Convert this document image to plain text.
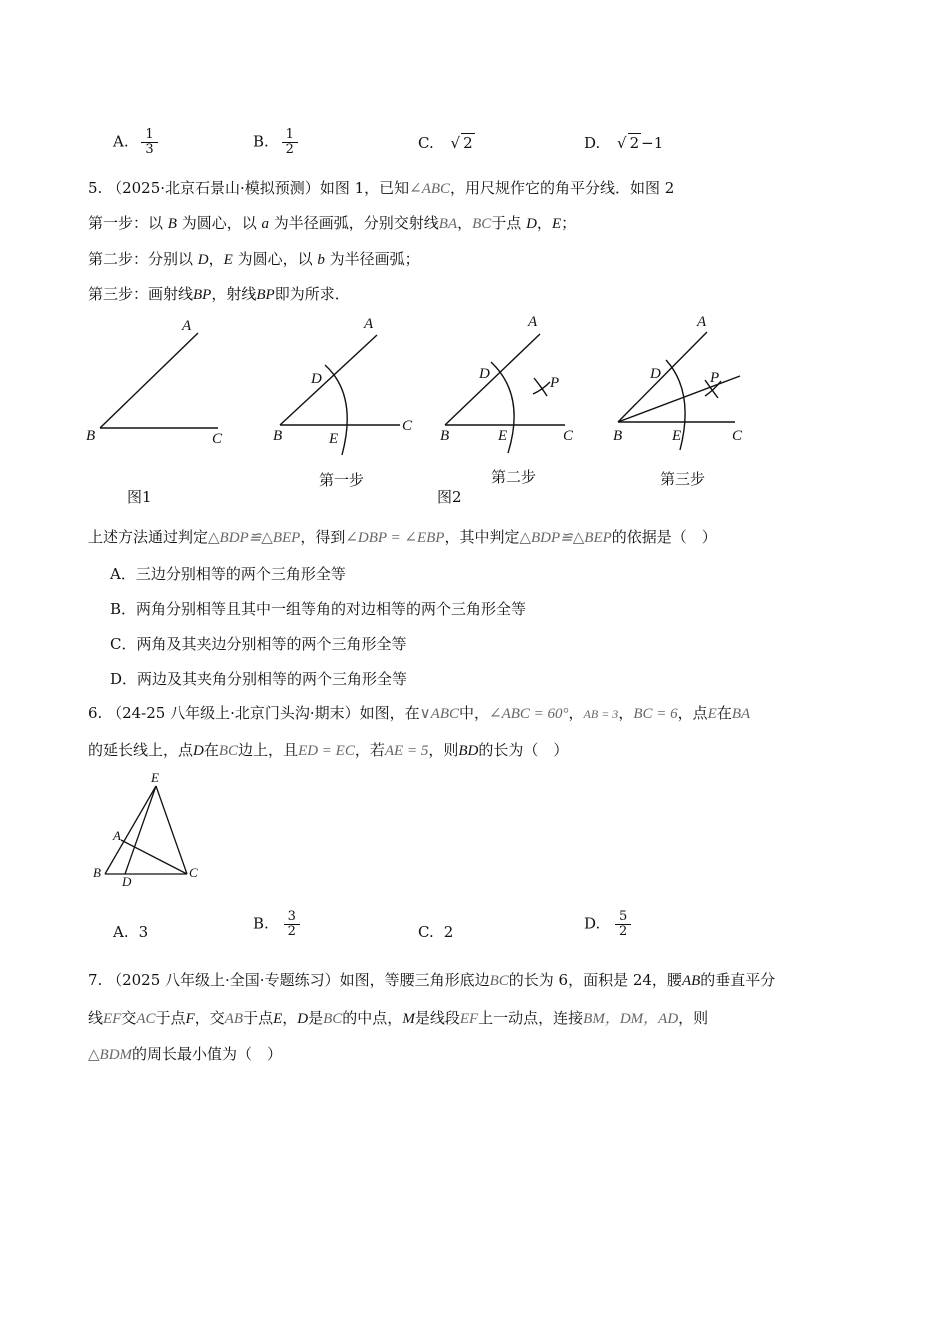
A. $\frac{1}{3}$	B. $\frac{1}{2}$	C. √ 2	D. √ 2 −1
5. （2025·北京石景山·模拟预测）如图 1，已知∠ABC，用尺规作它的角平分线．如图 2
第一步：以 B 为圆心，以 a 为半径画弧，分别交射线BA，BC于点 D，E；
第二步：分别以 D，E 为圆心，以 b 为半径画弧；
第三步：画射线BP，射线BP即为所求．
A
B	C
A
D
B	E
C
A
D
P
B	E	C
A
D	P
B	E	C
图1
第一步	第二步	第三步
图2
上述方法通过判定△BDP≌△BEP，得到∠DBP = ∠EBP，其中判定△BDP≌△BEP的依据是（　）
A．三边分别相等的两个三角形全等
B．两角分别相等且其中一组等角的对边相等的两个三角形全等
C．两角及其夹边分别相等的两个三角形全等
D．两边及其夹角分别相等的两个三角形全等
6. （24-25 八年级上·北京门头沟·期末）如图，在∨ABC中，∠ABC = 60°，AB = 3，BC = 6，点E在BA
的延长线上，点D在BC边上，且ED = EC，若AE = 5，则BD的长为（　）
E
A
B
D
C
A. 3	B. $\frac{3}{2}$	C. 2	D. $\frac{5}{2}$
7. （2025 八年级上·全国·专题练习）如图，等腰三角形底边BC的长为 6，面积是 24，腰AB的垂直平分
线EF交AC于点F，交AB于点E，D是BC的中点，M是线段EF上一动点，连接BM，DM，AD，则
△BDM的周长最小值为（　）
